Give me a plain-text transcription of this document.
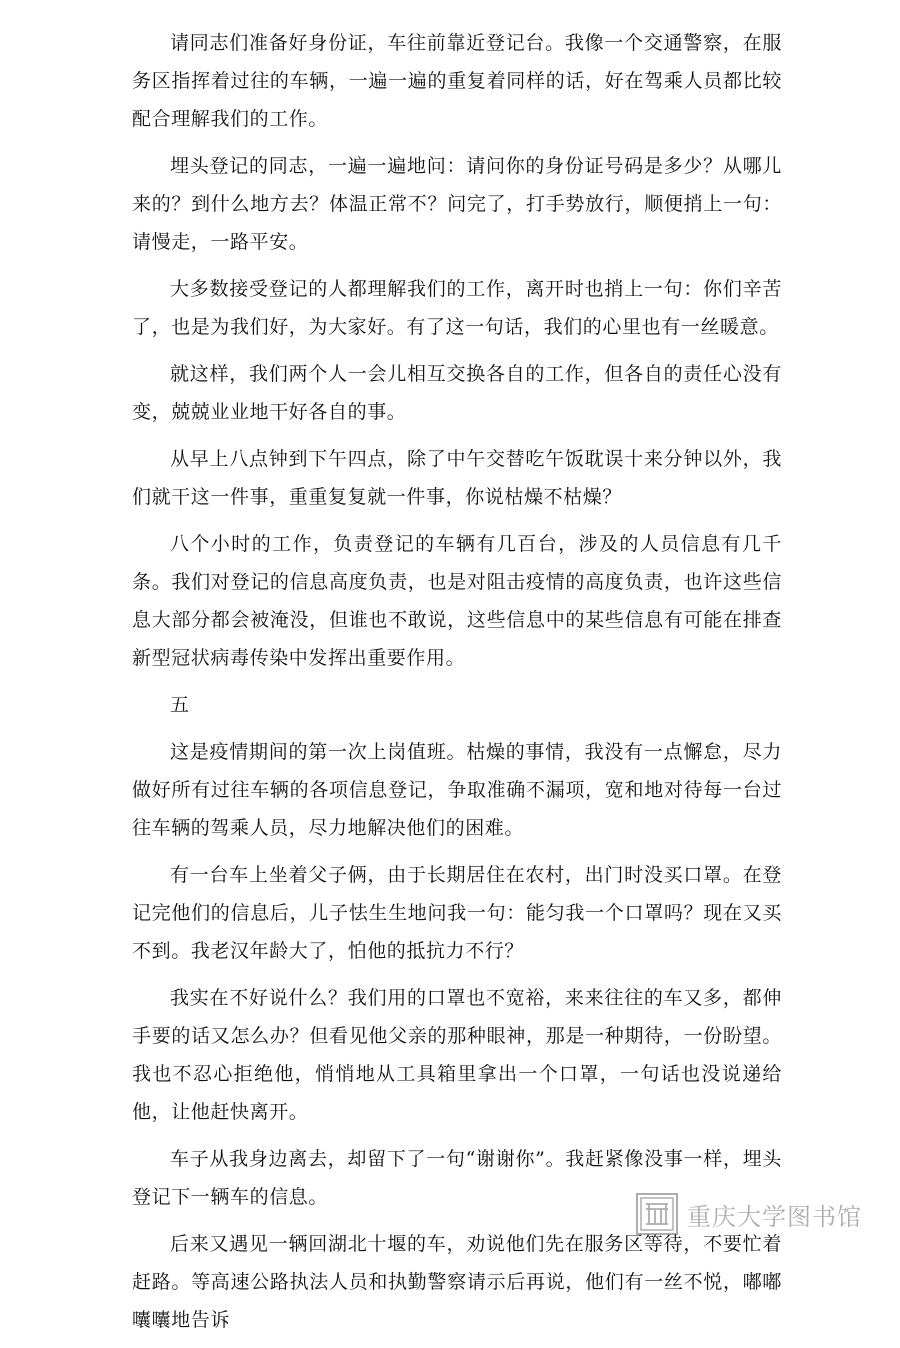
请同志们准备好身份证，车往前靠近登记台。我像一个交通警察，在服务区指挥着过往的车辆，一遍一遍的重复着同样的话，好在驾乘人员都比较配合理解我们的工作。

埋头登记的同志，一遍一遍地问：请问你的身份证号码是多少？从哪儿来的？到什么地方去？体温正常不？问完了，打手势放行，顺便捎上一句：请慢走，一路平安。

大多数接受登记的人都理解我们的工作，离开时也捎上一句：你们辛苦了，也是为我们好，为大家好。有了这一句话，我们的心里也有一丝暖意。

就这样，我们两个人一会儿相互交换各自的工作，但各自的责任心没有变，兢兢业业地干好各自的事。

从早上八点钟到下午四点，除了中午交替吃午饭耽误十来分钟以外，我们就干这一件事，重重复复就一件事，你说枯燥不枯燥？

八个小时的工作，负责登记的车辆有几百台，涉及的人员信息有几千条。我们对登记的信息高度负责，也是对阻击疫情的高度负责，也许这些信息大部分都会被淹没，但谁也不敢说，这些信息中的某些信息有可能在排查新型冠状病毒传染中发挥出重要作用。

五

这是疫情期间的第一次上岗值班。枯燥的事情，我没有一点懈怠，尽力做好所有过往车辆的各项信息登记，争取准确不漏项，宽和地对待每一台过往车辆的驾乘人员，尽力地解决他们的困难。

有一台车上坐着父子俩，由于长期居住在农村，出门时没买口罩。在登记完他们的信息后，儿子怯生生地问我一句：能匀我一个口罩吗？现在又买不到。我老汉年龄大了，怕他的抵抗力不行？

我实在不好说什么？我们用的口罩也不宽裕，来来往往的车又多，都伸手要的话又怎么办？但看见他父亲的那种眼神，那是一种期待，一份盼望。我也不忍心拒绝他，悄悄地从工具箱里拿出一个口罩，一句话也没说递给他，让他赶快离开。

车子从我身边离去，却留下了一句“谢谢你”。我赶紧像没事一样，埋头登记下一辆车的信息。

后来又遇见一辆回湖北十堰的车，劝说他们先在服务区等待，不要忙着赶路。等高速公路执法人员和执勤警察请示后再说，他们有一丝不悦，嘟嘟囔囔地告诉

重庆大学图书馆
